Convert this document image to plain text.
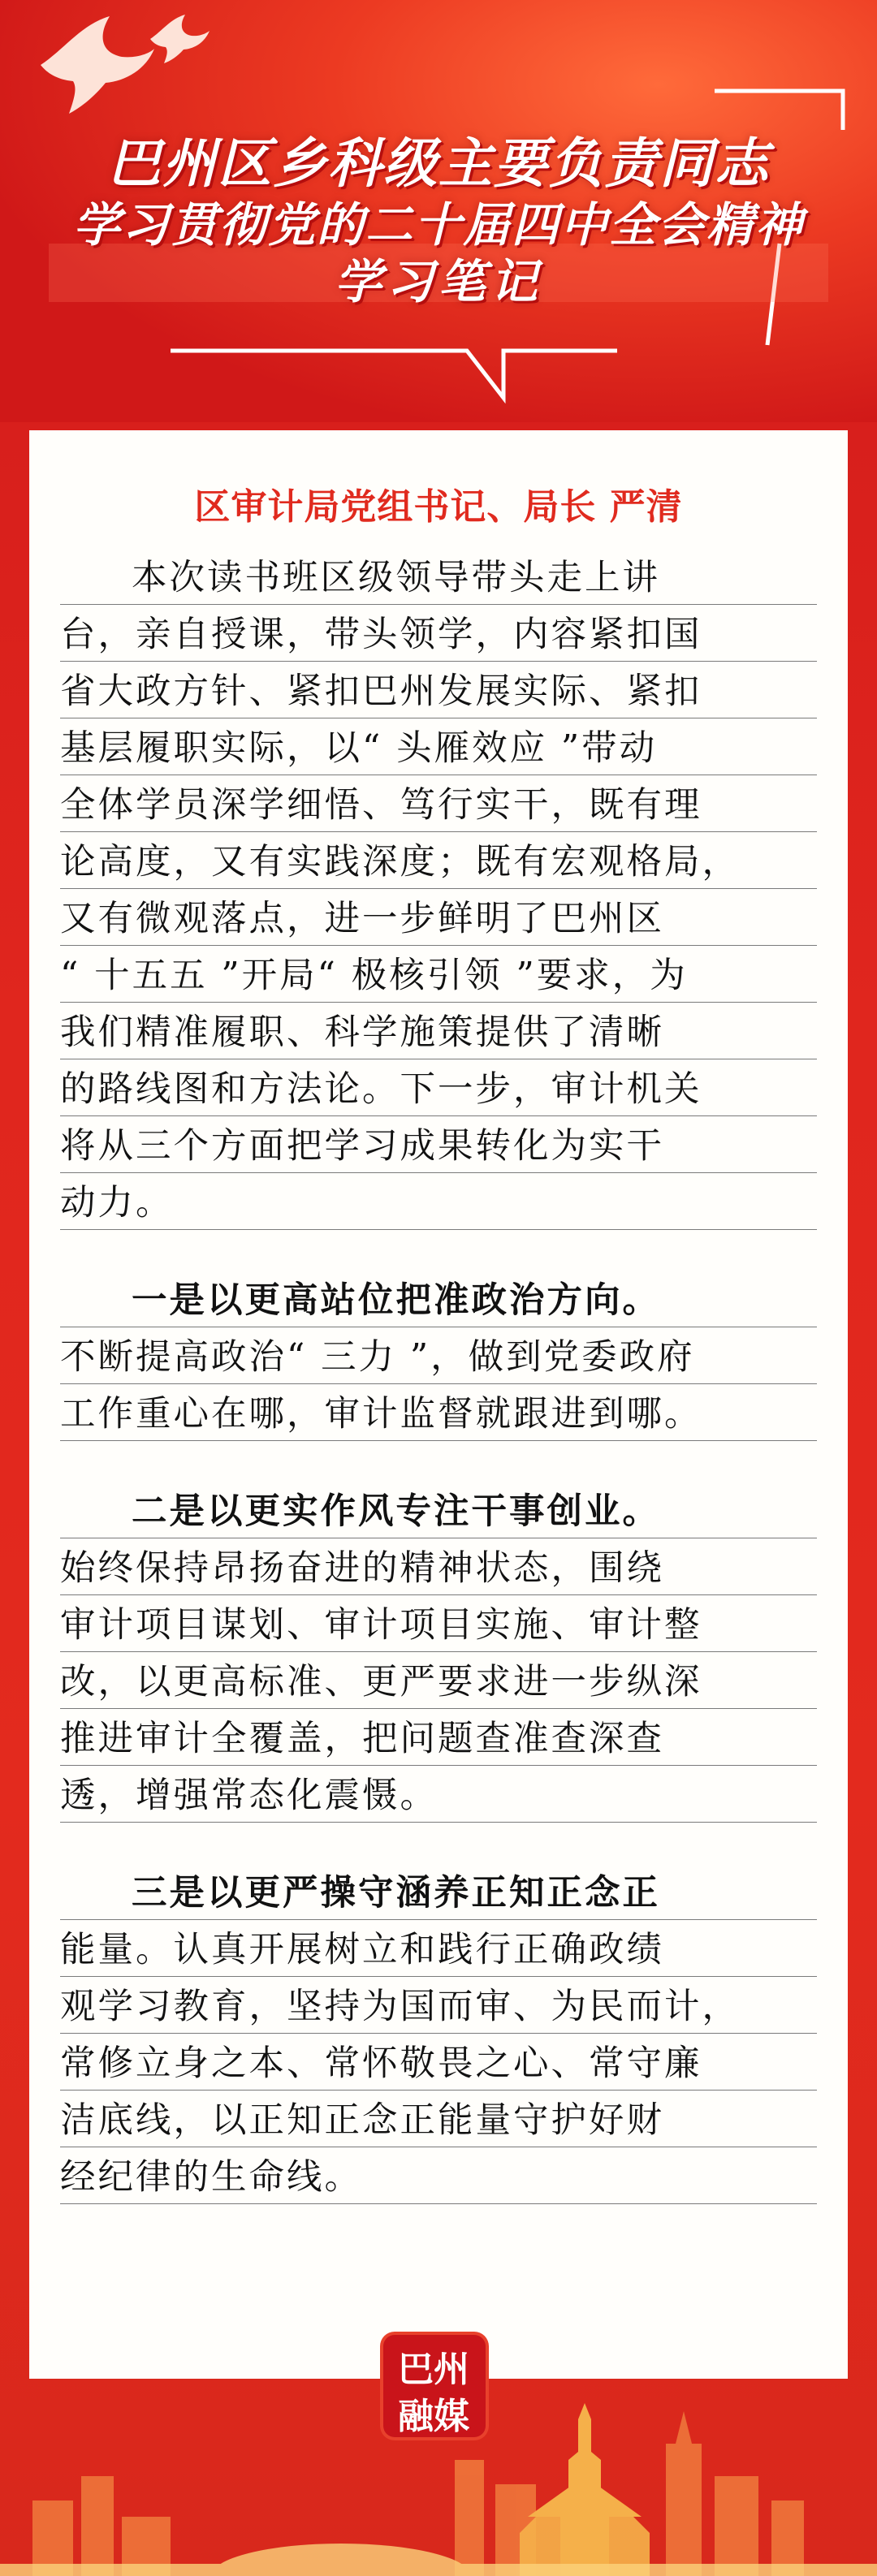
巴州区乡科级主要负责同志
学习贯彻党的二十届四中全会精神
学习笔记
区审计局党组书记、局长 严清
本次读书班区级领导带头走上讲
台，亲自授课，带头领学，内容紧扣国
省大政方针、紧扣巴州发展实际、紧扣
基层履职实际，以“ 头雁效应 ”带动
全体学员深学细悟、笃行实干，既有理
论高度，又有实践深度；既有宏观格局，
又有微观落点，进一步鲜明了巴州区
“ 十五五 ”开局“ 极核引领 ”要求，为
我们精准履职、科学施策提供了清晰
的路线图和方法论。下一步，审计机关
将从三个方面把学习成果转化为实干
动力。
一是以更高站位把准政治方向。
不断提高政治“ 三力 ”，做到党委政府
工作重心在哪，审计监督就跟进到哪。
二是以更实作风专注干事创业。
始终保持昂扬奋进的精神状态，围绕
审计项目谋划、审计项目实施、审计整
改，以更高标准、更严要求进一步纵深
推进审计全覆盖，把问题查准查深查
透，增强常态化震慑。
三是以更严操守涵养正知正念正
能量。认真开展树立和践行正确政绩
观学习教育，坚持为国而审、为民而计，
常修立身之本、常怀敬畏之心、常守廉
洁底线，以正知正念正能量守护好财
经纪律的生命线。
巴州
融媒
